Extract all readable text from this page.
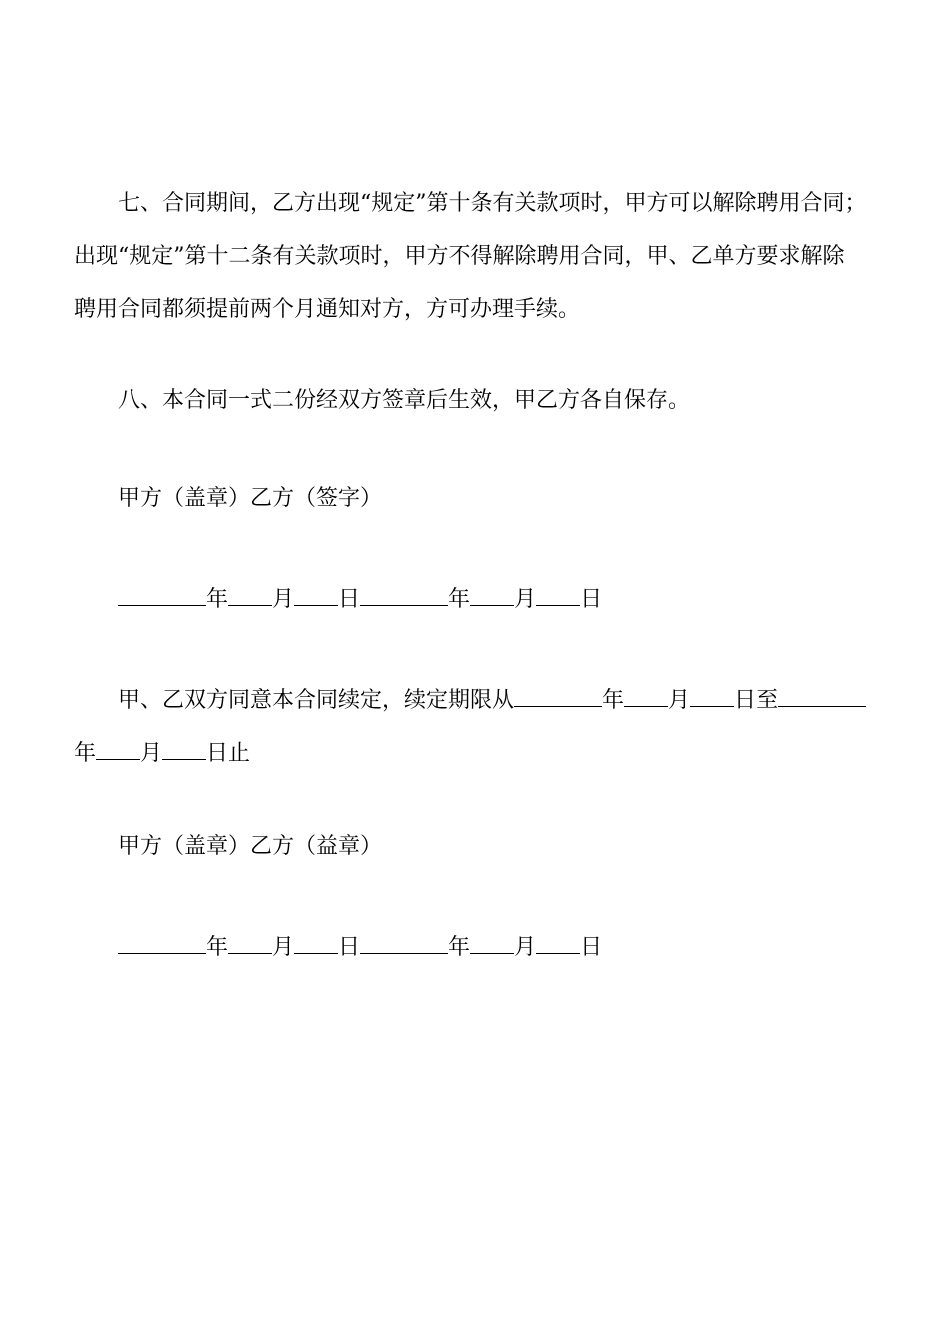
七、合同期间，乙方出现“规定”第十条有关款项时，甲方可以解除聘用合同；
出现“规定”第十二条有关款项时，甲方不得解除聘用合同，甲、乙单方要求解除
聘用合同都须提前两个月通知对方，方可办理手续。
八、本合同一式二份经双方签章后生效，甲乙方各自保存。
甲方（盖章）乙方（签字）
年 月 日	年 月 日
甲、乙双方同意本合同续定，续定期限从	年 月 日至
年 月 日止
甲方（盖章）乙方（益章）
年 月 日	年 月 日
